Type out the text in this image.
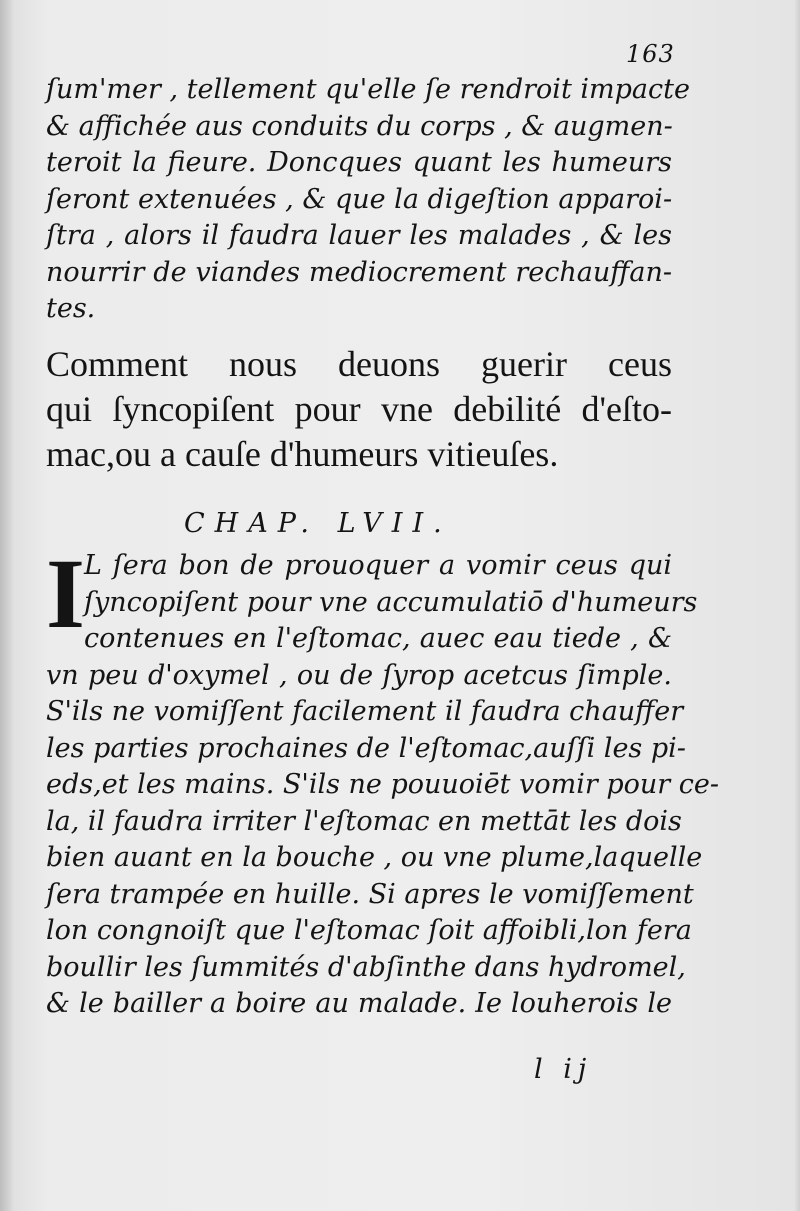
163
ſum'mer , tellement qu'elle ſe rendroit impacte
& affichée aus conduits du corps , & augmen-
teroit la fieure. Doncques quant les humeurs
ſeront extenuées , & que la digeſtion apparoi-
ſtra , alors il faudra lauer les malades , & les
nourrir de viandes mediocrement rechauffan-
tes.
Comment nous deuons guerir ceus
qui ſyncopiſent pour vne debilité d'eſto-
mac,ou a cauſe d'humeurs vitieuſes.
CHAP. LVII.
I L ſera bon de prouoquer a vomir ceus qui
ſyncopiſent pour vne accumulatiō d'humeurs
contenues en l'eſtomac, auec eau tiede , &
vn peu d'oxymel , ou de ſyrop acetcus ſimple.
S'ils ne vomiſſent facilement il faudra chauffer
les parties prochaines de l'eſtomac,auſſi les pi-
eds,et les mains. S'ils ne pouuoiēt vomir pour ce-
la, il faudra irriter l'eſtomac en mettāt les dois
bien auant en la bouche , ou vne plume,laquelle
ſera trampée en huille. Si apres le vomiſſement
lon congnoiſt que l'eſtomac ſoit affoibli,lon fera
boullir les ſummités d'abſinthe dans hydromel,
& le bailler a boire au malade. Ie louherois le
l ij
